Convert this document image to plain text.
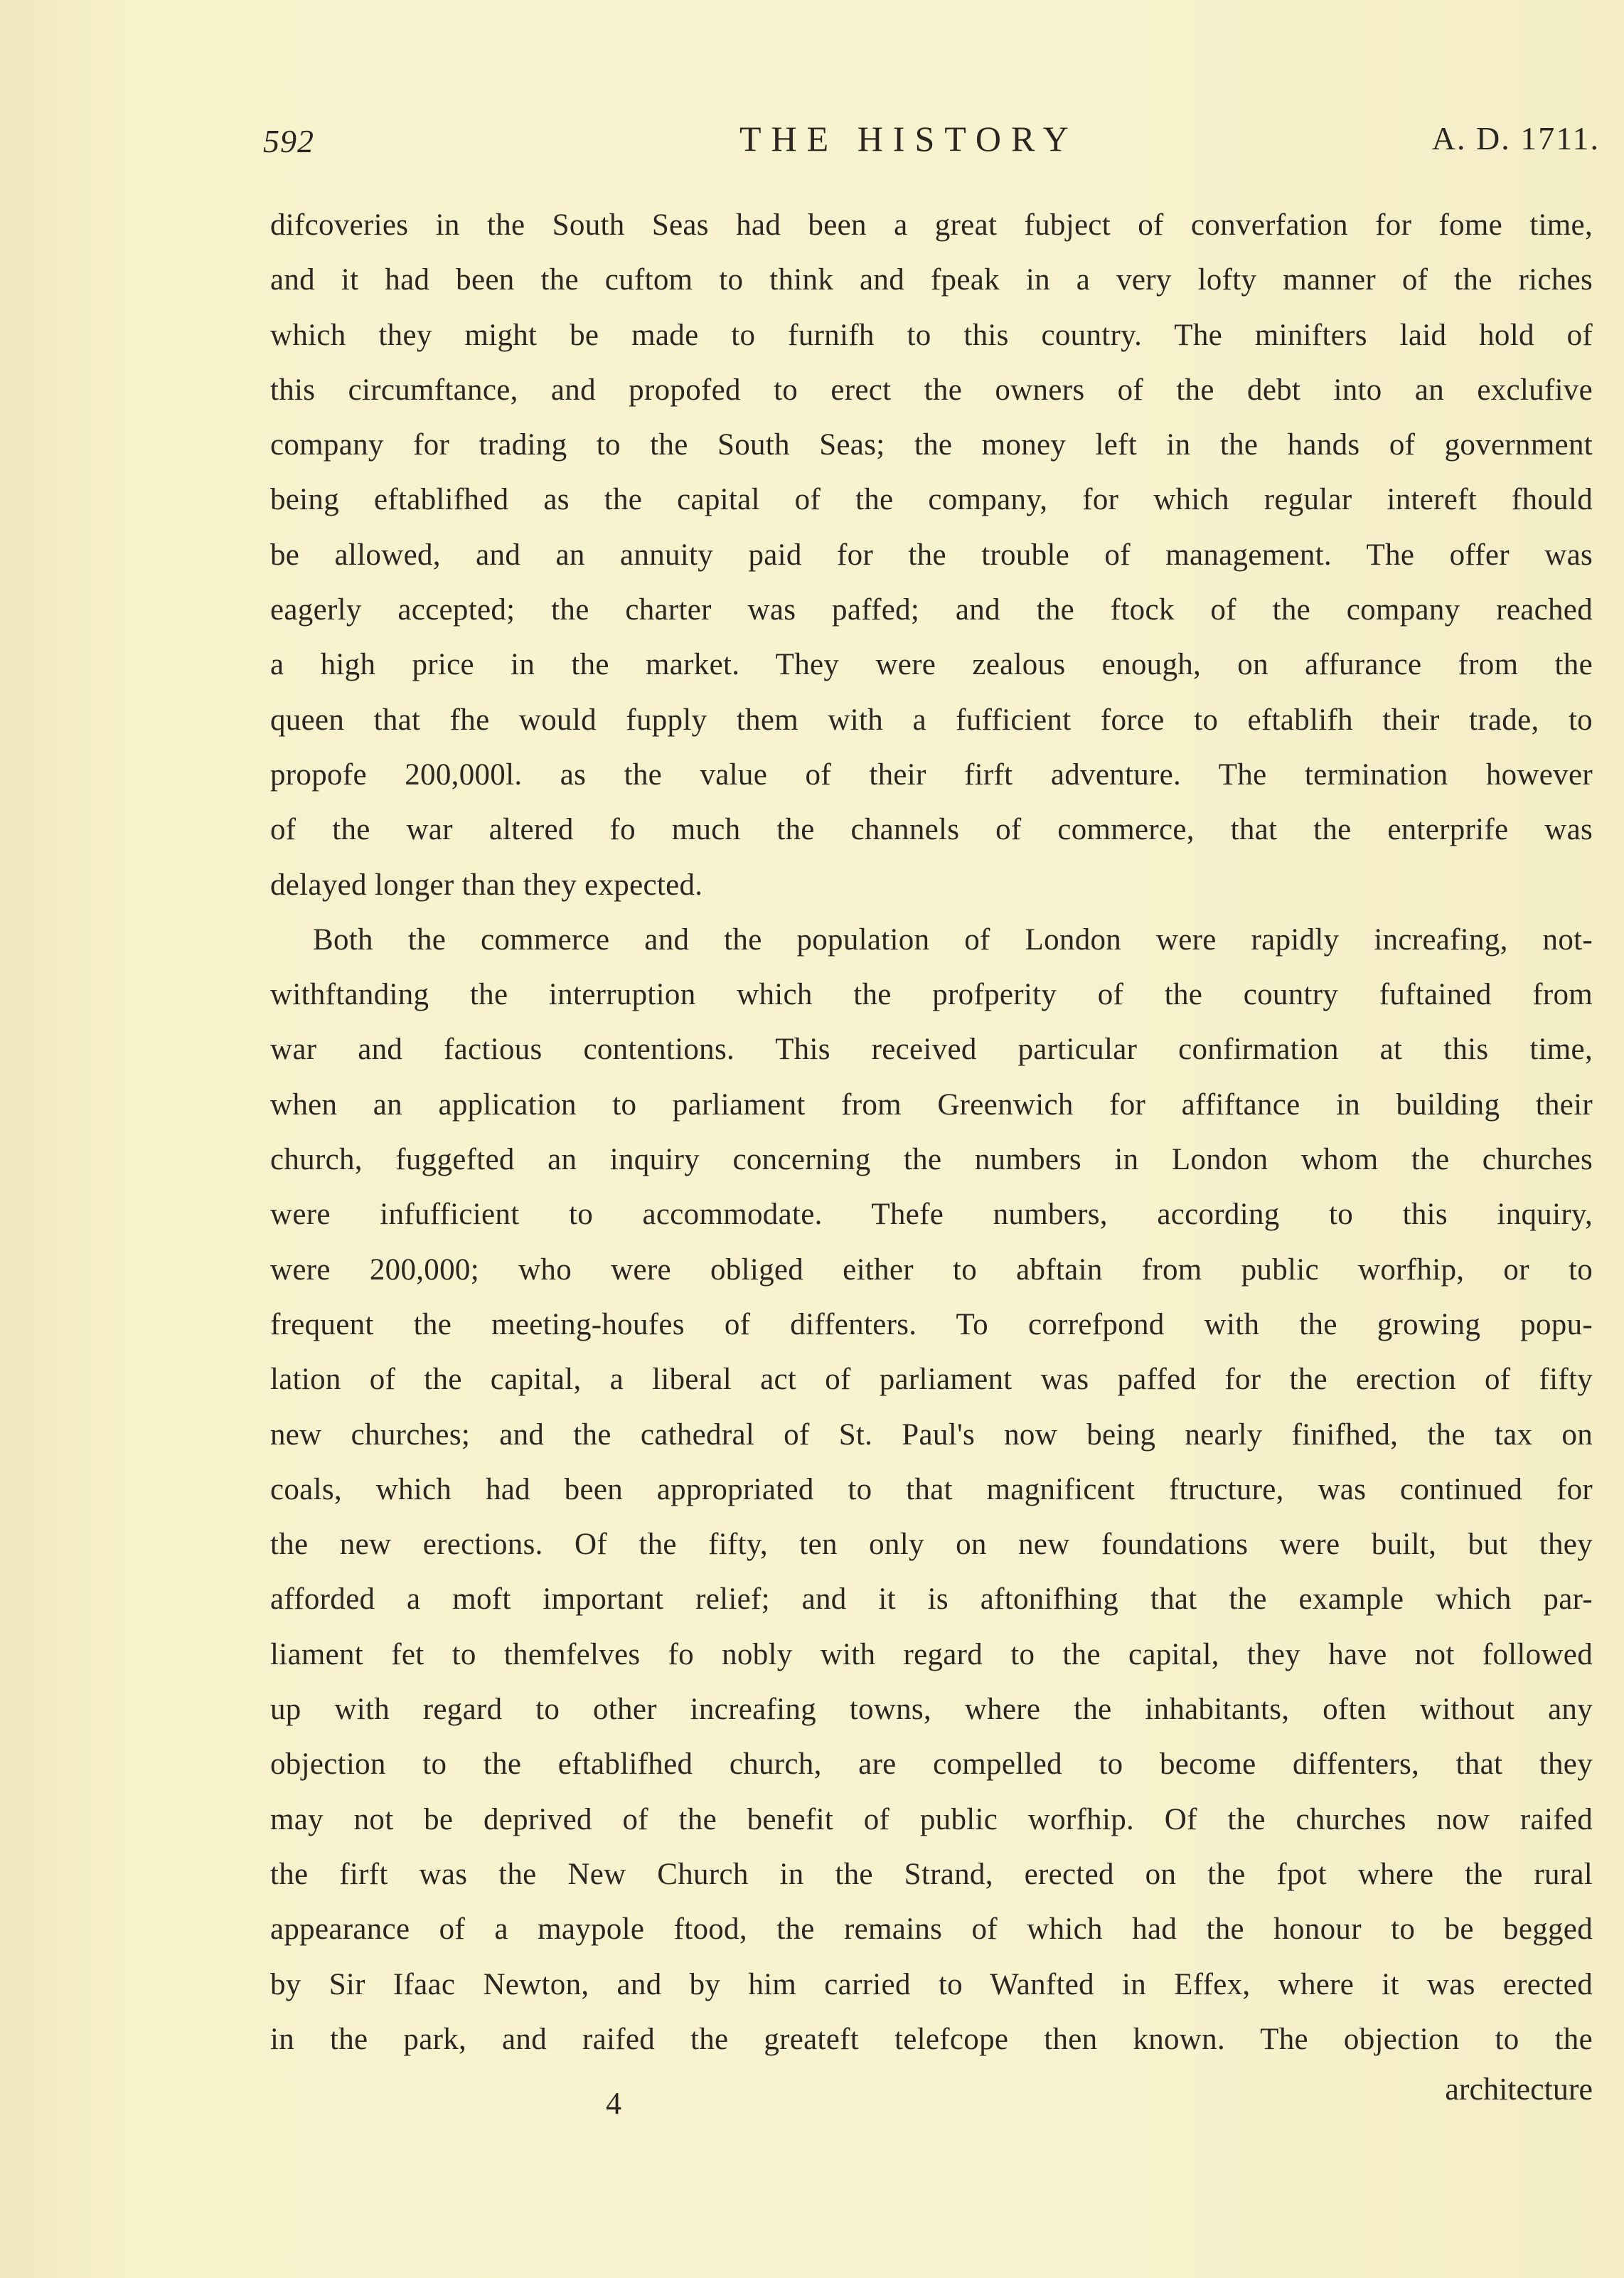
592	THE HISTORY	A. D. 1711.
difcoveries in the South Seas had been a great fubject of converfation for fome time,
and it had been the cuftom to think and fpeak in a very lofty manner of the riches
which they might be made to furnifh to this country. The minifters laid hold of
this circumftance, and propofed to erect the owners of the debt into an exclufive
company for trading to the South Seas; the money left in the hands of government
being eftablifhed as the capital of the company, for which regular intereft fhould
be allowed, and an annuity paid for the trouble of management. The offer was
eagerly accepted; the charter was paffed; and the ftock of the company reached
a high price in the market. They were zealous enough, on affurance from the
queen that fhe would fupply them with a fufficient force to eftablifh their trade, to
propofe 200,000l. as the value of their firft adventure. The termination however
of the war altered fo much the channels of commerce, that the enterprife was
delayed longer than they expected.
Both the commerce and the population of London were rapidly increafing, not-
withftanding the interruption which the profperity of the country fuftained from
war and factious contentions. This received particular confirmation at this time,
when an application to parliament from Greenwich for affiftance in building their
church, fuggefted an inquiry concerning the numbers in London whom the churches
were infufficient to accommodate. Thefe numbers, according to this inquiry,
were 200,000; who were obliged either to abftain from public worfhip, or to
frequent the meeting-houfes of diffenters. To correfpond with the growing popu-
lation of the capital, a liberal act of parliament was paffed for the erection of fifty
new churches; and the cathedral of St. Paul's now being nearly finifhed, the tax on
coals, which had been appropriated to that magnificent ftructure, was continued for
the new erections. Of the fifty, ten only on new foundations were built, but they
afforded a moft important relief; and it is aftonifhing that the example which par-
liament fet to themfelves fo nobly with regard to the capital, they have not followed
up with regard to other increafing towns, where the inhabitants, often without any
objection to the eftablifhed church, are compelled to become diffenters, that they
may not be deprived of the benefit of public worfhip. Of the churches now raifed
the firft was the New Church in the Strand, erected on the fpot where the rural
appearance of a maypole ftood, the remains of which had the honour to be begged
by Sir Ifaac Newton, and by him carried to Wanfted in Effex, where it was erected
in the park, and raifed the greateft telefcope then known. The objection to the
4	architecture
